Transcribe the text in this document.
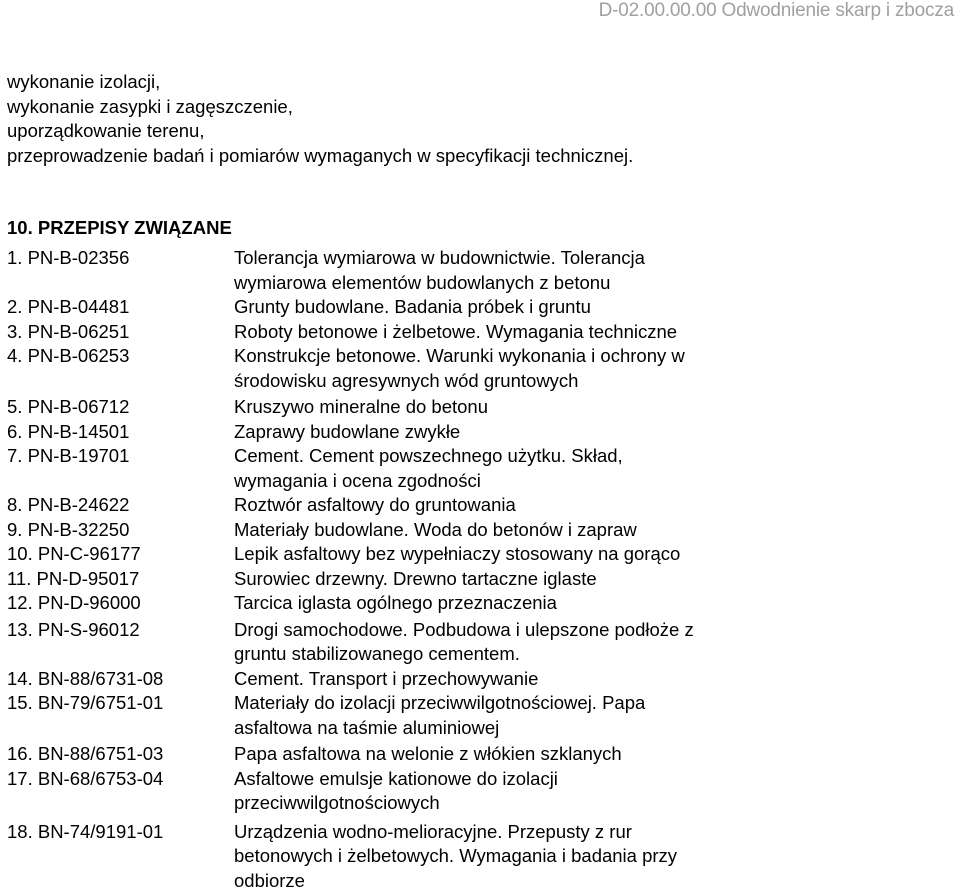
D-02.00.00.00 Odwodnienie skarp i zbocza
wykonanie izolacji,
wykonanie zasypki i zagęszczenie,
uporządkowanie terenu,
przeprowadzenie badań i pomiarów wymaganych w specyfikacji technicznej.
10. PRZEPISY ZWIĄZANE
1. PN-B-02356	Tolerancja wymiarowa w budownictwie. Tolerancja
wymiarowa elementów budowlanych z betonu
2. PN-B-04481	Grunty budowlane. Badania próbek i gruntu
3. PN-B-06251	Roboty betonowe i żelbetowe. Wymagania techniczne
4. PN-B-06253	Konstrukcje betonowe. Warunki wykonania i ochrony w
środowisku agresywnych wód gruntowych
5. PN-B-06712	Kruszywo mineralne do betonu
6. PN-B-14501	Zaprawy budowlane zwykłe
7. PN-B-19701	Cement. Cement powszechnego użytku. Skład,
wymagania i ocena zgodności
8. PN-B-24622	Roztwór asfaltowy do gruntowania
9. PN-B-32250	Materiały budowlane. Woda do betonów i zapraw
10. PN-C-96177	Lepik asfaltowy bez wypełniaczy stosowany na gorąco
11. PN-D-95017	Surowiec drzewny. Drewno tartaczne iglaste
12. PN-D-96000	Tarcica iglasta ogólnego przeznaczenia
13. PN-S-96012	Drogi samochodowe. Podbudowa i ulepszone podłoże z
gruntu stabilizowanego cementem.
14. BN-88/6731-08	Cement. Transport i przechowywanie
15. BN-79/6751-01	Materiały do izolacji przeciwwilgotnościowej. Papa
asfaltowa na taśmie aluminiowej
16. BN-88/6751-03	Papa asfaltowa na welonie z włókien szklanych
17. BN-68/6753-04	Asfaltowe emulsje kationowe do izolacji
przeciwwilgotnościowych
18. BN-74/9191-01	Urządzenia wodno-melioracyjne. Przepusty z rur
betonowych i żelbetowych. Wymagania i badania przy
odbiorze
